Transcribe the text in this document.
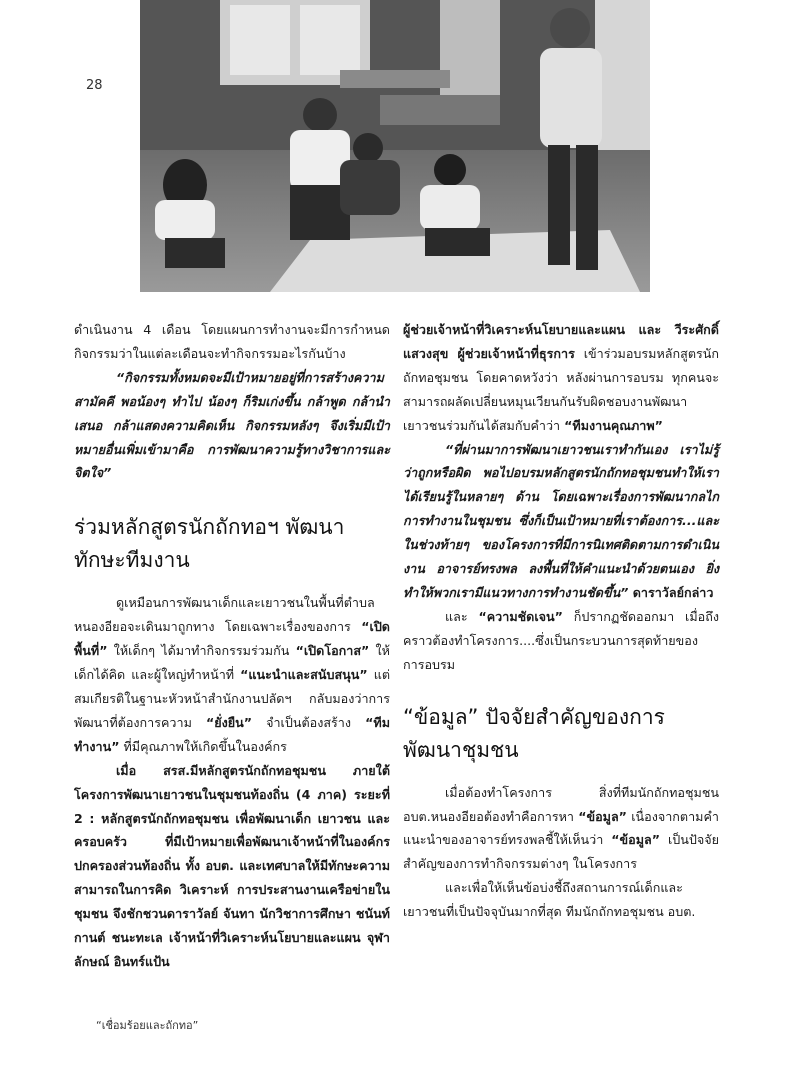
28

ดำเนินงาน 4 เดือน โดยแผนการทำงานจะมีการกำหนดกิจกรรมว่าในแต่ละเดือนจะทำกิจกรรมอะไรกันบ้าง

“กิจกรรมทั้งหมดจะมีเป้าหมายอยู่ที่การสร้างความสามัคคี พอน้องๆ ทำไป น้องๆ ก็ริมเก่งขึ้น กล้าพูด กล้านำเสนอ กล้าแสดงความคิดเห็น กิจกรรมหลังๆ จึงเริ่มมีเป้าหมายอื่นเพิ่มเข้ามาคือ การพัฒนาความรู้ทางวิชาการและจิตใจ”

ร่วมหลักสูตรนักถักทอฯ พัฒนาทักษะทีมงาน

ดูเหมือนการพัฒนาเด็กและเยาวชนในพื้นที่ตำบลหนองอียอจะเดินมาถูกทาง โดยเฉพาะเรื่องของการ “เปิดพื้นที่” ให้เด็กๆ ได้มาทำกิจกรรมร่วมกัน “เปิดโอกาส” ให้เด็กได้คิด และผู้ใหญ่ทำหน้าที่ “แนะนำและสนับสนุน” แต่สมเกียรติในฐานะหัวหน้าสำนักงานปลัดฯ กลับมองว่าการพัฒนาที่ต้องการความ “ยั่งยืน” จำเป็นต้องสร้าง “ทีมทำงาน” ที่มีคุณภาพให้เกิดขึ้นในองค์กร

เมื่อ สรส.มีหลักสูตรนักถักทอชุมชน ภายใต้โครงการพัฒนาเยาวชนในชุมชนท้องถิ่น (4 ภาค) ระยะที่ 2 : หลักสูตรนักถักทอชุมชน เพื่อพัฒนาเด็ก เยาวชน และครอบครัว ที่มีเป้าหมายเพื่อพัฒนาเจ้าหน้าที่ในองค์กรปกครองส่วนท้องถิ่น ทั้ง อบต. และเทศบาลให้มีทักษะความสามารถในการคิด วิเคราะห์ การประสานงานเครือข่ายในชุมชน จึงชักชวนดาราวัลย์ จันทา นักวิชาการศึกษา ชนันท์กานต์ ชนะทะเล เจ้าหน้าที่วิเคราะห์นโยบายและแผน จุฬาลักษณ์ อินทร์แป้น

ผู้ช่วยเจ้าหน้าที่วิเคราะห์นโยบายและแผน และ วีระศักดิ์ แสวงสุข ผู้ช่วยเจ้าหน้าที่ธุรการ เข้าร่วมอบรมหลักสูตรนักถักทอชุมชน โดยคาดหวังว่า หลังผ่านการอบรม ทุกคนจะสามารถผลัดเปลี่ยนหมุนเวียนกันรับผิดชอบงานพัฒนาเยาวชนร่วมกันได้สมกับคำว่า “ทีมงานคุณภาพ”

“ที่ผ่านมาการพัฒนาเยาวชนเราทำกันเอง เราไม่รู้ว่าถูกหรือผิด พอไปอบรมหลักสูตรนักถักทอชุมชนทำให้เราได้เรียนรู้ในหลายๆ ด้าน โดยเฉพาะเรื่องการพัฒนากลไกการทำงานในชุมชน ซึ่งก็เป็นเป้าหมายที่เราต้องการ...และในช่วงท้ายๆ ของโครงการที่มีการนิเทศติดตามการดำเนินงาน อาจารย์ทรงพล ลงพื้นที่ให้คำแนะนำด้วยตนเอง ยิ่งทำให้พวกเรามีแนวทางการทำงานชัดขึ้น” ดาราวัลย์กล่าว

และ “ความชัดเจน” ก็ปรากฏชัดออกมา เมื่อถึงคราวต้องทำโครงการ....ซึ่งเป็นกระบวนการสุดท้ายของการอบรม

“ข้อมูล” ปัจจัยสำคัญของการพัฒนาชุมชน

เมื่อต้องทำโครงการ สิ่งที่ทีมนักถักทอชุมชน อบต.หนองอียอต้องทำคือการหา “ข้อมูล” เนื่องจากตามคำแนะนำของอาจารย์ทรงพลชี้ให้เห็นว่า “ข้อมูล” เป็นปัจจัยสำคัญของการทำกิจกรรมต่างๆ ในโครงการ

และเพื่อให้เห็นข้อบ่งชี้ถึงสถานการณ์เด็กและเยาวชนที่เป็นปัจจุบันมากที่สุด ทีมนักถักทอชุมชน อบต.

“เชื่อมร้อยและถักทอ”
